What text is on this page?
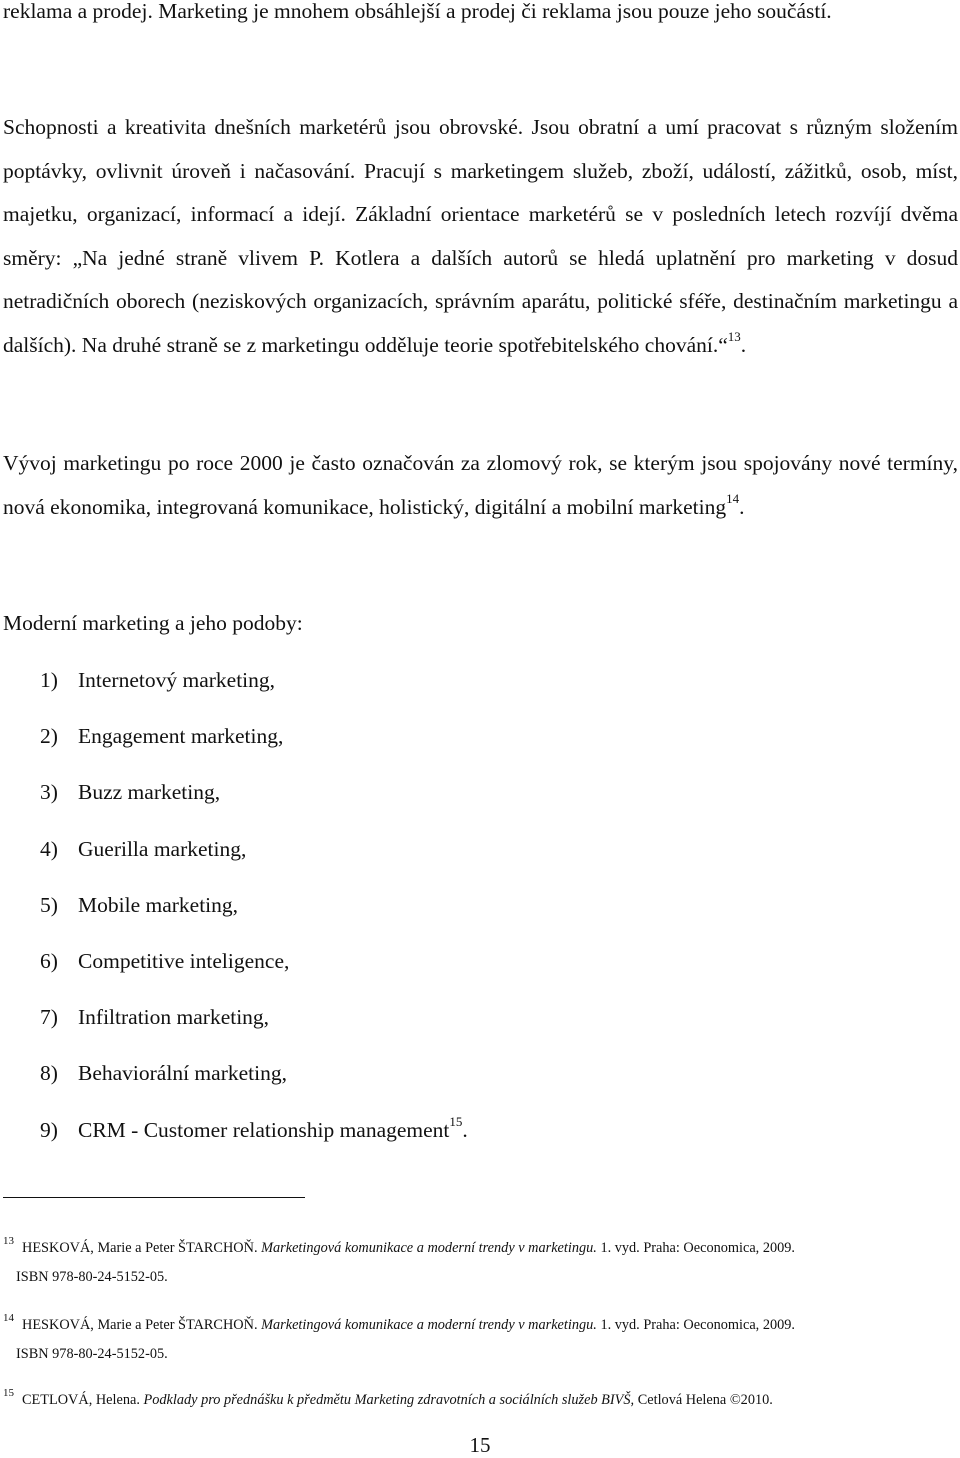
reklama a prodej. Marketing je mnohem obsáhlejší a prodej či reklama jsou pouze jeho součástí.

Schopnosti a kreativita dnešních marketérů jsou obrovské. Jsou obratní a umí pracovat s různým složením poptávky, ovlivnit úroveň i načasování. Pracují s marketingem služeb, zboží, událostí, zážitků, osob, míst, majetku, organizací, informací a idejí. Základní orientace marketérů se v posledních letech rozvíjí dvěma směry: „Na jedné straně vlivem P. Kotlera a dalších autorů se hledá uplatnění pro marketing v dosud netradičních oborech (neziskových organizacích, správním aparátu, politické sféře, destinačním marketingu a dalších). Na druhé straně se z marketingu odděluje teorie spotřebitelského chování.“$^{13}$.

Vývoj marketingu po roce 2000 je často označován za zlomový rok, se kterým jsou spojovány nové termíny, nová ekonomika, integrovaná komunikace, holistický, digitální a mobilní marketing$^{14}$.

Moderní marketing a jeho podoby:

1) Internetový marketing,
2) Engagement marketing,
3) Buzz marketing,
4) Guerilla marketing,
5) Mobile marketing,
6) Competitive inteligence,
7) Infiltration marketing,
8) Behaviorální marketing,
9) CRM - Customer relationship management$^{15}$.

$^{13}$ HESKOVÁ, Marie a Peter ŠTARCHOŇ. Marketingová komunikace a moderní trendy v marketingu. 1. vyd. Praha: Oeconomica, 2009.
ISBN 978-80-24-5152-05.

$^{14}$ HESKOVÁ, Marie a Peter ŠTARCHOŇ. Marketingová komunikace a moderní trendy v marketingu. 1. vyd. Praha: Oeconomica, 2009.
ISBN 978-80-24-5152-05.

$^{15}$ CETLOVÁ, Helena. Podklady pro přednášku k předmětu Marketing zdravotních a sociálních služeb BIVŠ, Cetlová Helena ©2010.

15
